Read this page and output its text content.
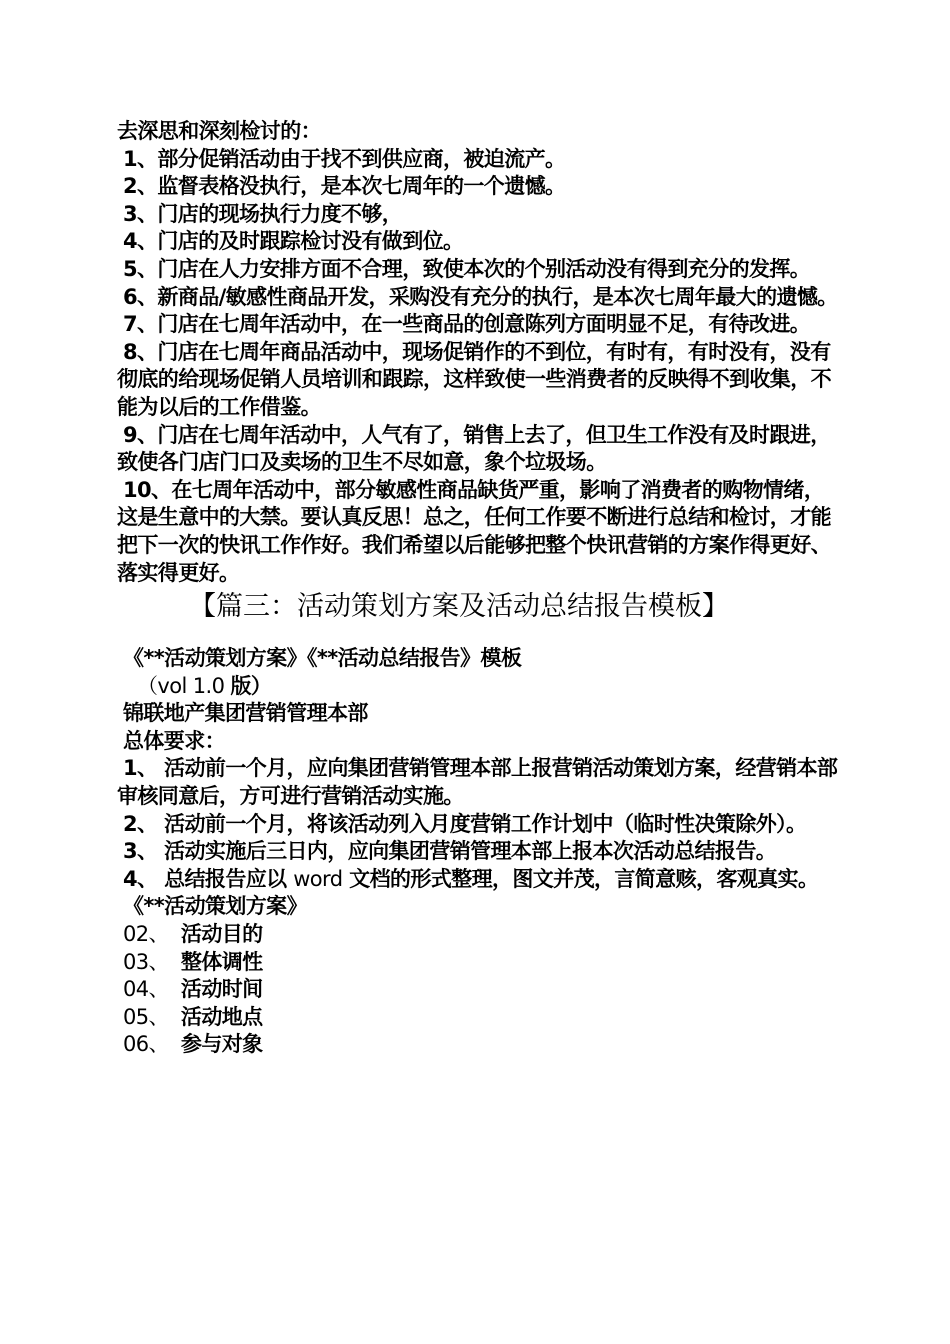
去深思和深刻检讨的：

1、部分促销活动由于找不到供应商，被迫流产。

2、监督表格没执行，是本次七周年的一个遗憾。

3、门店的现场执行力度不够，

4、门店的及时跟踪检讨没有做到位。

5、门店在人力安排方面不合理，致使本次的个别活动没有得到充分的发挥。

6、新商品/敏感性商品开发，采购没有充分的执行，是本次七周年最大的遗憾。

7、门店在七周年活动中，在一些商品的创意陈列方面明显不足，有待改进。

8、门店在七周年商品活动中，现场促销作的不到位，有时有，有时没有，没有彻底的给现场促销人员培训和跟踪，这样致使一些消费者的反映得不到收集，不能为以后的工作借鉴。

9、门店在七周年活动中，人气有了，销售上去了，但卫生工作没有及时跟进，致使各门店门口及卖场的卫生不尽如意，象个垃圾场。

10、在七周年活动中，部分敏感性商品缺货严重，影响了消费者的购物情绪，这是生意中的大禁。要认真反思！总之，任何工作要不断进行总结和检讨，才能把下一次的快讯工作作好。我们希望以后能够把整个快讯营销的方案作得更好、落实得更好。

【篇三：活动策划方案及活动总结报告模板】

《**活动策划方案》《**活动总结报告》模板

（vol 1.0 版）

锦联地产集团营销管理本部

总体要求：

1、 活动前一个月，应向集团营销管理本部上报营销活动策划方案，经营销本部审核同意后，方可进行营销活动实施。

2、 活动前一个月，将该活动列入月度营销工作计划中（临时性决策除外）。

3、 活动实施后三日内，应向集团营销管理本部上报本次活动总结报告。

4、 总结报告应以 word 文档的形式整理，图文并茂，言简意赅，客观真实。

《**活动策划方案》

02、 活动目的

03、 整体调性

04、 活动时间

05、 活动地点

06、 参与对象
